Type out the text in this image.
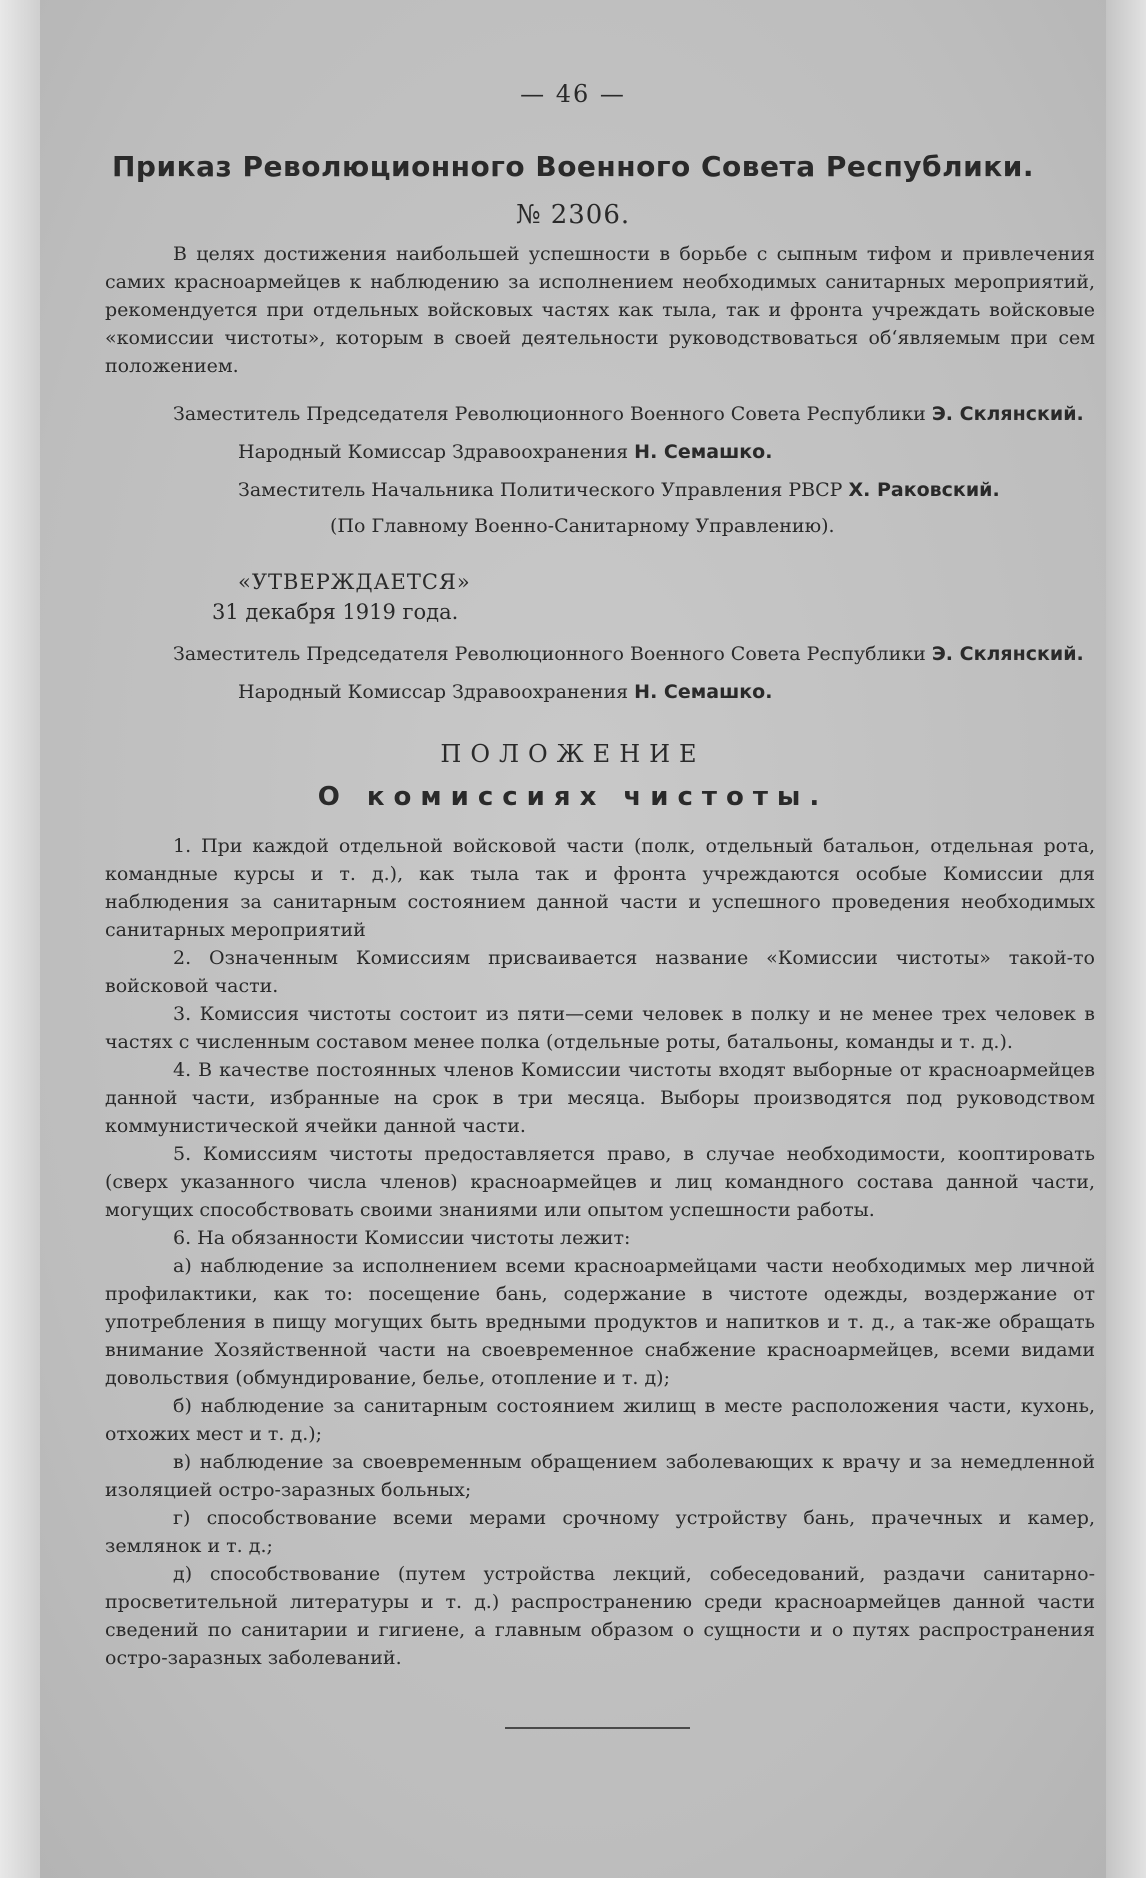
— 46 —
Приказ Революционного Военного Совета Республики.
№ 2306.

В целях достижения наибольшей успешности в борьбе с сыпным тифом и привлечения самих красноармейцев к наблюдению за исполнением необходимых санитарных мероприятий, рекомендуется при отдельных войсковых частях как тыла, так и фронта учреждать войсковые «комиссии чистоты», которым в своей деятельности руководствоваться об‘являемым при сем положением.

Заместитель Председателя Революционного Военного Совета Республики Э. Склянский.

Народный Комиссар Здравоохранения Н. Семашко.

Заместитель Начальника Политического Управления РВСР Х. Раковский.

(По Главному Военно-Санитарному Управлению).

«УТВЕРЖДАЕТСЯ»

31 декабря 1919 года.

Заместитель Председателя Революционного Военного Совета Республики Э. Склянский.

Народный Комиссар Здравоохранения Н. Семашко.

ПОЛОЖЕНИЕ

О комиссиях чистоты.

1. При каждой отдельной войсковой части (полк, отдельный батальон, отдельная рота, командные курсы и т. д.), как тыла так и фронта учреждаются особые Комиссии для наблюдения за санитарным состоянием данной части и успешного проведения необходимых санитарных мероприятий

2. Означенным Комиссиям присваивается название «Комиссии чистоты» такой-то войсковой части.

3. Комиссия чистоты состоит из пяти—семи человек в полку и не менее трех человек в частях с численным составом менее полка (отдельные роты, батальоны, команды и т. д.).

4. В качестве постоянных членов Комиссии чистоты входят выборные от красноармейцев данной части, избранные на срок в три месяца. Выборы производятся под руководством коммунистической ячейки данной части.

5. Комиссиям чистоты предоставляется право, в случае необходимости, кооптировать (сверх указанного числа членов) красноармейцев и лиц командного состава данной части, могущих способствовать своими знаниями или опытом успешности работы.

6. На обязанности Комиссии чистоты лежит:

а) наблюдение за исполнением всеми красноармейцами части необходимых мер личной профилактики, как то: посещение бань, содержание в чистоте одежды, воздержание от употребления в пищу могущих быть вредными продуктов и напитков и т. д., а так-же обращать внимание Хозяйственной части на своевременное снабжение красноармейцев, всеми видами довольствия (обмундирование, белье, отопление и т. д);

б) наблюдение за санитарным состоянием жилищ в месте расположения части, кухонь, отхожих мест и т. д.);

в) наблюдение за своевременным обращением заболевающих к врачу и за немедленной изоляцией остро-заразных больных;

г) способствование всеми мерами срочному устройству бань, прачечных и камер, землянок и т. д.;

д) способствование (путем устройства лекций, собеседований, раздачи санитарно-просветительной литературы и т. д.) распространению среди красноармейцев данной части сведений по санитарии и гигиене, а главным образом о сущности и о путях распространения остро-заразных заболеваний.
